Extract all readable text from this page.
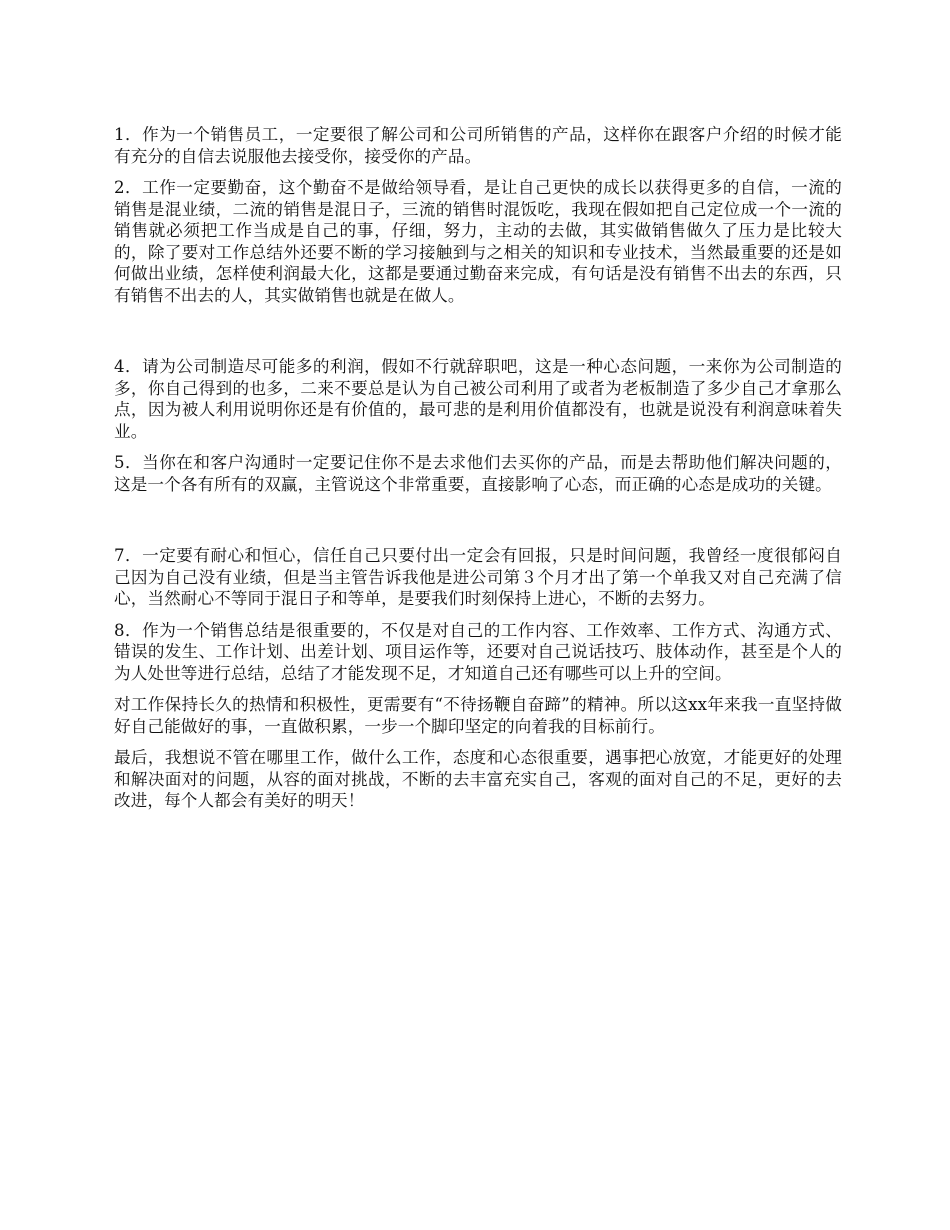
1．作为一个销售员工，一定要很了解公司和公司所销售的产品，这样你在跟客户介绍的时候才能有充分的自信去说服他去接受你，接受你的产品。

2．工作一定要勤奋，这个勤奋不是做给领导看，是让自己更快的成长以获得更多的自信，一流的销售是混业绩，二流的销售是混日子，三流的销售时混饭吃，我现在假如把自己定位成一个一流的销售就必须把工作当成是自己的事，仔细，努力，主动的去做，其实做销售做久了压力是比较大的，除了要对工作总结外还要不断的学习接触到与之相关的知识和专业技术，当然最重要的还是如何做出业绩，怎样使利润最大化，这都是要通过勤奋来完成，有句话是没有销售不出去的东西，只有销售不出去的人，其实做销售也就是在做人。

4．请为公司制造尽可能多的利润，假如不行就辞职吧，这是一种心态问题，一来你为公司制造的多，你自己得到的也多，二来不要总是认为自己被公司利用了或者为老板制造了多少自己才拿那么点，因为被人利用说明你还是有价值的，最可悲的是利用价值都没有，也就是说没有利润意味着失业。

5．当你在和客户沟通时一定要记住你不是去求他们去买你的产品，而是去帮助他们解决问题的，这是一个各有所有的双赢，主管说这个非常重要，直接影响了心态，而正确的心态是成功的关键。

7．一定要有耐心和恒心，信任自己只要付出一定会有回报，只是时间问题，我曾经一度很郁闷自己因为自己没有业绩，但是当主管告诉我他是进公司第３个月才出了第一个单我又对自己充满了信心，当然耐心不等同于混日子和等单，是要我们时刻保持上进心，不断的去努力。

8．作为一个销售总结是很重要的，不仅是对自己的工作内容、工作效率、工作方式、沟通方式、错误的发生、工作计划、出差计划、项目运作等，还要对自己说话技巧、肢体动作，甚至是个人的为人处世等进行总结，总结了才能发现不足，才知道自己还有哪些可以上升的空间。

对工作保持长久的热情和积极性，更需要有“不待扬鞭自奋蹄”的精神。所以这xx年来我一直坚持做好自己能做好的事，一直做积累，一步一个脚印坚定的向着我的目标前行。

最后，我想说不管在哪里工作，做什么工作，态度和心态很重要，遇事把心放宽，才能更好的处理和解决面对的问题，从容的面对挑战，不断的去丰富充实自己，客观的面对自己的不足，更好的去改进，每个人都会有美好的明天！
